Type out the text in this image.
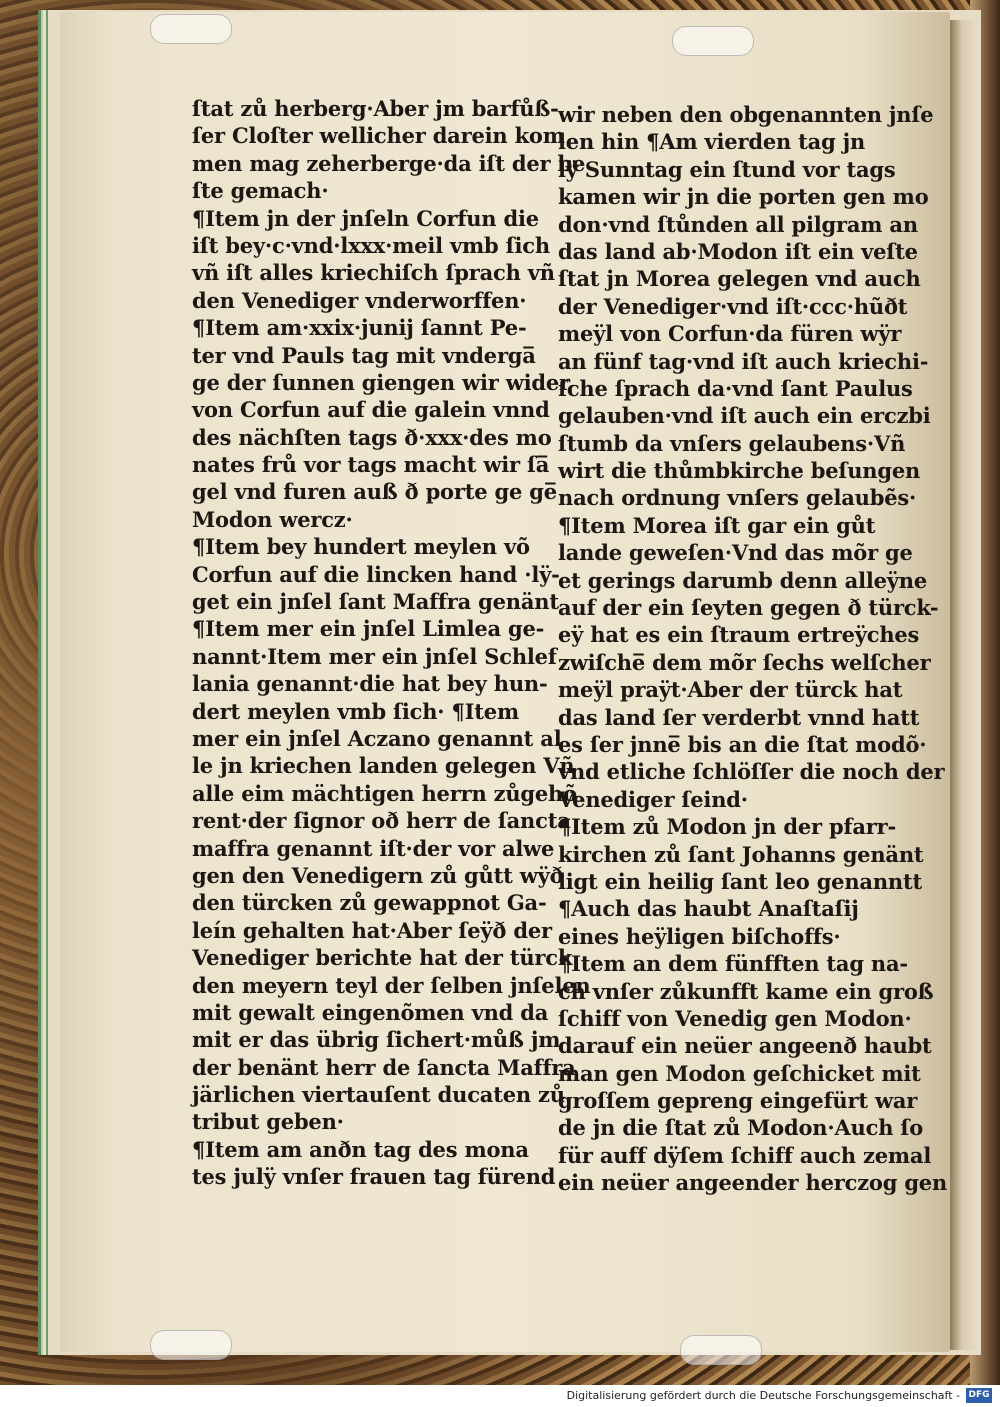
ſtat zů herberg·Aber jm barfůß-
ſer Cloſter wellicher darein kom
men mag zeherberge·da iſt der be
ſte gemach·
¶Item jn der jnſeln Corfun die
iſt bey·c·vnd·lxxx·meil vmb ſich
vñ iſt alles kriechiſch ſprach vñ
den Venediger vnderworffen·
¶Item am·xxix·junij ſannt Pe-
ter vnd Pauls tag mit vnderga̅
ge der ſunnen giengen wir wider
von Corfun auf die galein vnnd
des nächſten tags ð·xxx·des mo
nates frů vor tags macht wir ſa̅
gel vnd furen auß ð porte ge ge̅
Modon wercz·
¶Item bey hundert meylen võ
Corfun auf die lincken hand ·lÿ-
get ein jnſel ſant Maffra genänt
¶Item mer ein jnſel Limlea ge-
nannt·Item mer ein jnſel Schlef
lania genannt·die hat bey hun-
dert meylen vmb ſich· ¶Item
mer ein jnſel Aczano genannt al
le jn kriechen landen gelegen Vñ
alle eim mächtigen herrn zůgehõ
rent·der ſignor oð herr de ſancta
maffra genannt iſt·der vor alwe
gen den Venedigern zů gůtt wÿð
den türcken zů gewappnot Ga-
leín gehalten hat·Aber ſeÿð der
Venediger berichte hat der türck
den meyern teyl der ſelben jnſelen
mit gewalt eingenõmen vnd da
mit er das übrig ſichert·můß jm
der benänt herr de ſancta Maffra
järlichen viertauſent ducaten zů
tribut geben·
¶Item am anðn tag des mona
tes julÿ vnſer frauen tag fürend
wir neben den obgenannten jnſe
len hin ¶Am vierden tag jn
lÿ Sunntag ein ſtund vor tags
kamen wir jn die porten gen mo
don·vnd ſtůnden all pilgram an
das land ab·Modon iſt ein veſte
ſtat jn Morea gelegen vnd auch
der Venediger·vnd iſt·ccc·hũðt
meÿl von Corfun·da füren wÿr
an fünf tag·vnd iſt auch kriechi-
ſche ſprach da·vnd ſant Paulus
gelauben·vnd iſt auch ein erczbi
ſtumb da vnſers gelaubens·Vñ
wirt die thůmbkirche beſungen
nach ordnung vnſers gelaubẽs·
¶Item Morea iſt gar ein gůt
lande geweſen·Vnd das mõr ge
et gerings darumb denn alleÿne
auf der ein ſeyten gegen ð türck-
eÿ hat es ein ſtraum ertreÿches
zwiſche̅ dem mõr ſechs welſcher
meÿl praÿt·Aber der türck hat
das land ſer verderbt vnnd hatt
es ſer jnne̅ bis an die ſtat modõ·
vnd etliche ſchlöſſer die noch der
Venediger ſeind·
¶Item zů Modon jn der pfarr-
kirchen zů ſant Johanns genänt
ligt ein heilig ſant leo genanntt
¶Auch das haubt Anaſtaſij
eines heÿligen biſchoffs·
¶Item an dem fünfften tag na-
ch vnſer zůkunfft kame ein groß
ſchiff von Venedig gen Modon·
darauf ein neüer angeenð haubt
man gen Modon geſchicket mit
groſſem gepreng eingefürt war
de jn die ſtat zů Modon·Auch ſo
für auff dÿſem ſchiff auch zemal
ein neüer angeender herczog gen
Digitalisierung gefördert durch die Deutsche Forschungsgemeinschaft - DFG
